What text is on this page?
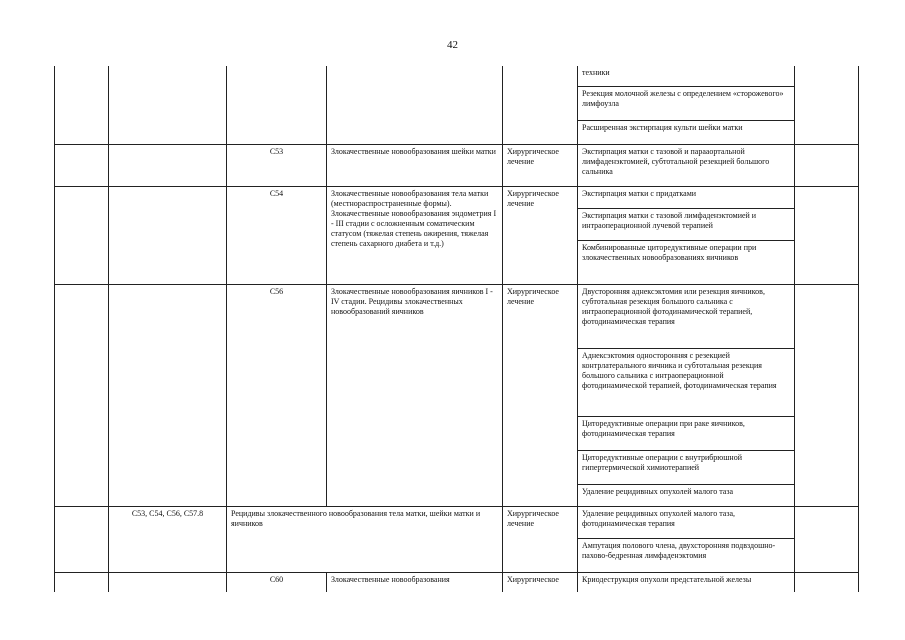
42
					техники	
					Резекция молочной железы с определением «сторожевого» лимфоузла	
					Расширенная экстирпация культи шейки матки	
		C53	Злокачественные новообразования шейки матки	Хирургическое лечение	Экстирпация матки с тазовой и парааортальной лимфаденэктомией, субтотальной резекцией большого сальника	
		C54	Злокачественные новообразования тела матки (местнораспространенные формы). Злокачественные новообразования эндометрия I - III стадии с осложненным соматическим статусом (тяжелая степень ожирения, тяжелая степень сахарного диабета и т.д.)	Хирургическое лечение	Экстирпация матки с придатками	
					Экстирпация матки с тазовой лимфаденэктомией и интраоперационной лучевой терапией	
					Комбинированные циторедуктивные операции при злокачественных новообразованиях яичников	
		C56	Злокачественные новообразования яичников I - IV стадии. Рецидивы злокачественных новообразований яичников	Хирургическое лечение	Двусторонняя аднексэктомия или резекция яичников, субтотальная резекция большого сальника с интраоперационной фотодинамической терапией, фотодинамическая терапия	
					Аднексэктомия односторонняя с резекцией контрлатерального яичника и субтотальная резекция большого сальника с интраоперационной фотодинамической терапией, фотодинамическая терапия	
					Циторедуктивные операции при раке яичников, фотодинамическая терапия	
					Циторедуктивные операции с внутрибрюшной гипертермической химиотерапией	
					Удаление рецидивных опухолей малого таза	
	C53, C54, C56, C57.8	Рецидивы злокачественного новообразования тела матки, шейки матки и яичников		Хирургическое лечение	Удаление рецидивных опухолей малого таза, фотодинамическая терапия	
					Ампутация полового члена, двухсторонняя подвздошно-пахово-бедренная лимфаденэктомия	
		C60	Злокачественные новообразования	Хирургическое	Криодеструкция опухоли предстательной железы	
